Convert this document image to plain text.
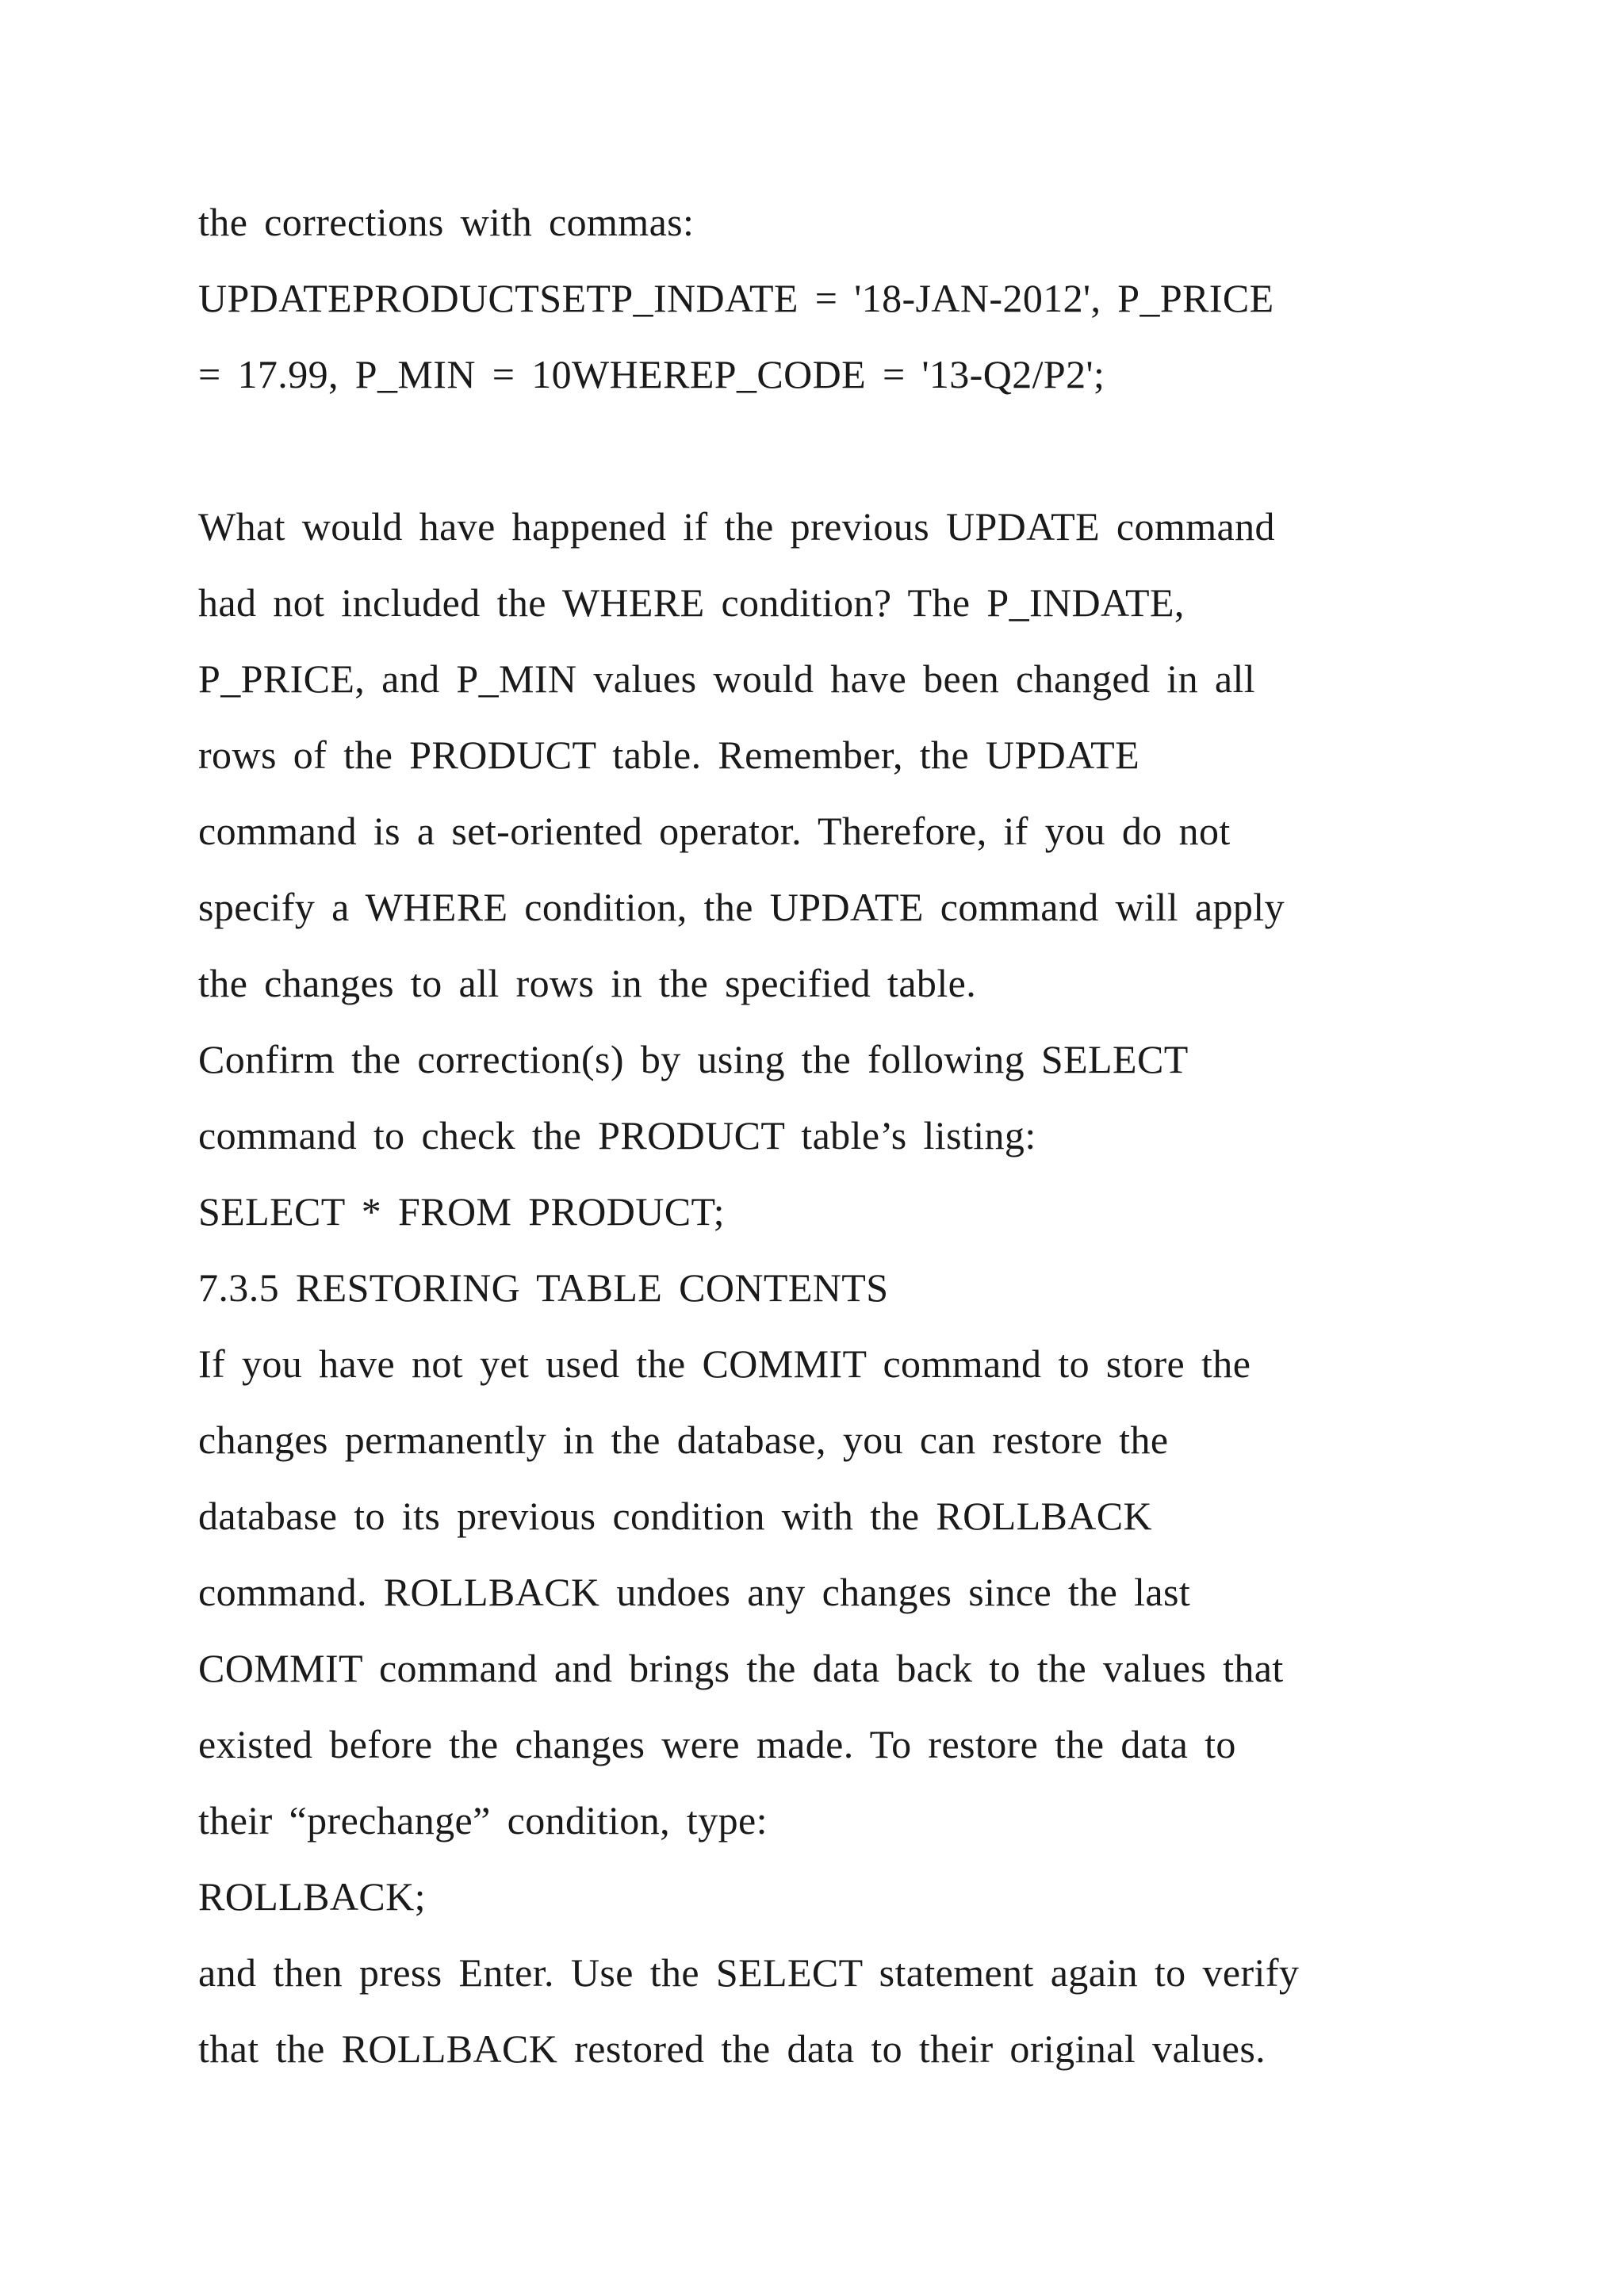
the corrections with commas:

UPDATEPRODUCTSETP_INDATE = '18-JAN-2012', P_PRICE

= 17.99, P_MIN = 10WHEREP_CODE = '13-Q2/P2';

What would have happened if the previous UPDATE command

had not included the WHERE condition? The P_INDATE,

P_PRICE, and P_MIN values would have been changed in all

rows of the PRODUCT table. Remember, the UPDATE

command is a set-oriented operator. Therefore, if you do not

specify a WHERE condition, the UPDATE command will apply

the changes to all rows in the specified table.

Confirm the correction(s) by using the following SELECT

command to check the PRODUCT table’s listing:

SELECT * FROM PRODUCT;

7.3.5 RESTORING TABLE CONTENTS

If you have not yet used the COMMIT command to store the

changes permanently in the database, you can restore the

database to its previous condition with the ROLLBACK

command. ROLLBACK undoes any changes since the last

COMMIT command and brings the data back to the values that

existed before the changes were made. To restore the data to

their “prechange” condition, type:

ROLLBACK;

and then press Enter. Use the SELECT statement again to verify

that the ROLLBACK restored the data to their original values.
